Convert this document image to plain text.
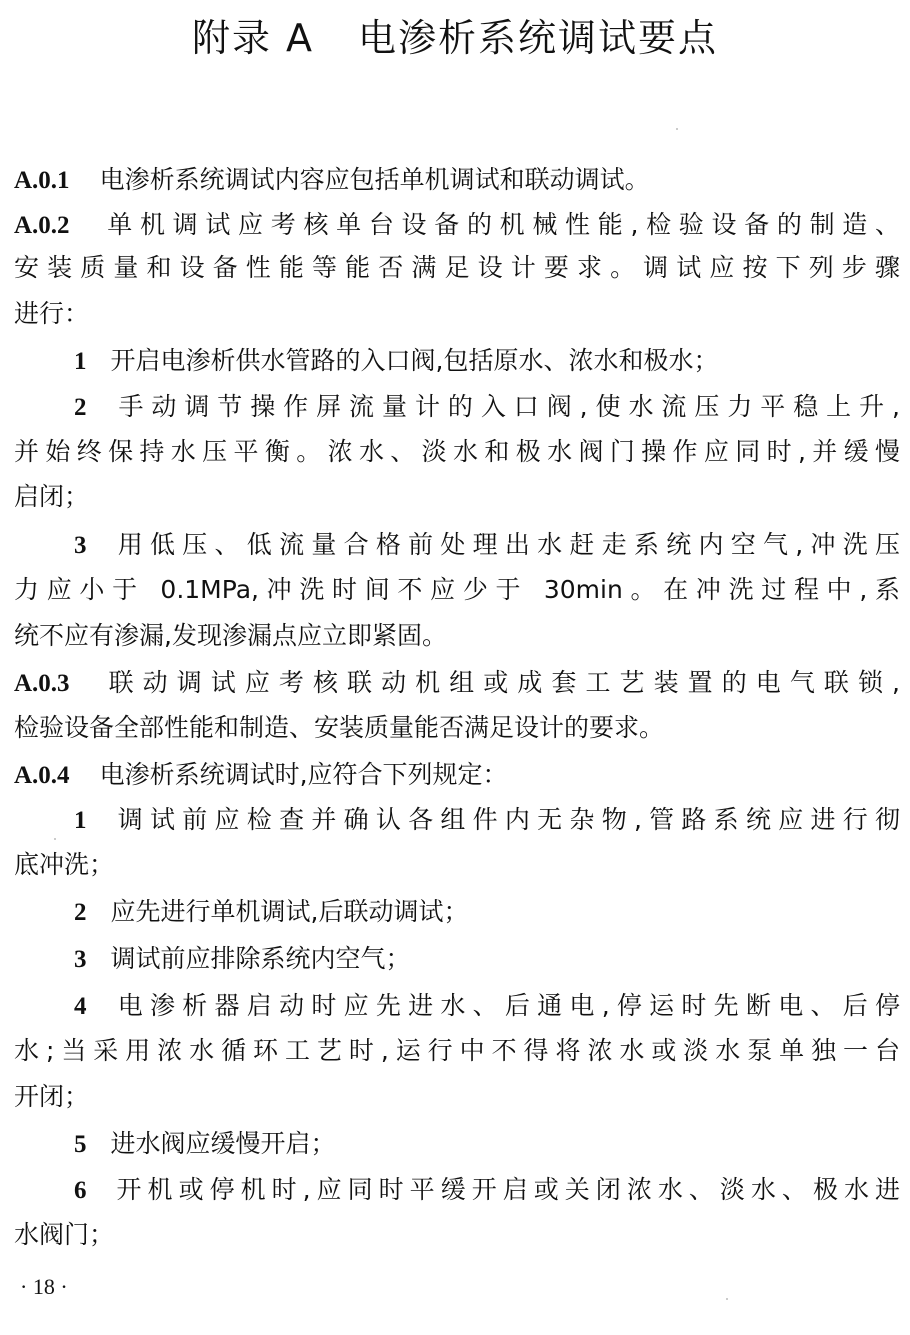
附录 A 电渗析系统调试要点
A.0.1 电渗析系统调试内容应包括单机调试和联动调试。
A.0.2 单机调试应考核单台设备的机械性能,检验设备的制造、
安装质量和设备性能等能否满足设计要求。调试应按下列步骤
进行：
1 开启电渗析供水管路的入口阀,包括原水、浓水和极水；
2 手动调节操作屏流量计的入口阀,使水流压力平稳上升,
并始终保持水压平衡。浓水、淡水和极水阀门操作应同时,并缓慢
启闭；
3 用低压、低流量合格前处理出水赶走系统内空气,冲洗压
力应小于 0.1MPa,冲洗时间不应少于 30min。在冲洗过程中,系
统不应有渗漏,发现渗漏点应立即紧固。
A.0.3 联动调试应考核联动机组或成套工艺装置的电气联锁,
检验设备全部性能和制造、安装质量能否满足设计的要求。
A.0.4 电渗析系统调试时,应符合下列规定：
1 调试前应检查并确认各组件内无杂物,管路系统应进行彻
底冲洗；
2 应先进行单机调试,后联动调试；
3 调试前应排除系统内空气；
4 电渗析器启动时应先进水、后通电,停运时先断电、后停
水;当采用浓水循环工艺时,运行中不得将浓水或淡水泵单独一台
开闭；
5 进水阀应缓慢开启；
6 开机或停机时,应同时平缓开启或关闭浓水、淡水、极水进
水阀门；
· 18 ·
